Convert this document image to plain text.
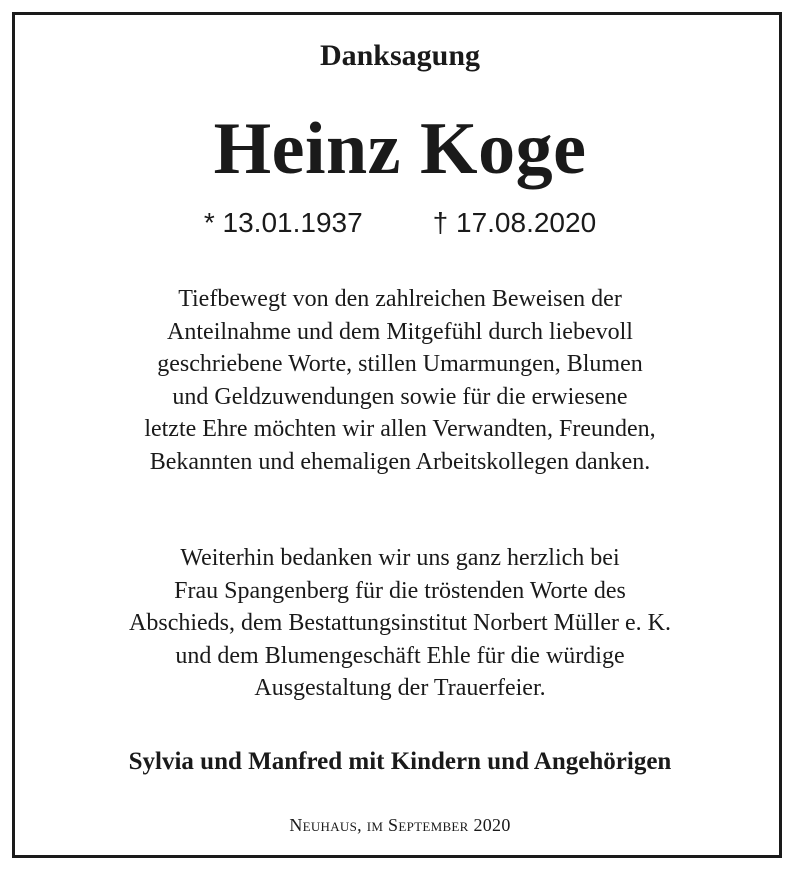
Danksagung
Heinz Koge
* 13.01.1937	† 17.08.2020
Tiefbewegt von den zahlreichen Beweisen der
Anteilnahme und dem Mitgefühl durch liebevoll
geschriebene Worte, stillen Umarmungen, Blumen
und Geldzuwendungen sowie für die erwiesene
letzte Ehre möchten wir allen Verwandten, Freunden,
Bekannten und ehemaligen Arbeitskollegen danken.
Weiterhin bedanken wir uns ganz herzlich bei
Frau Spangenberg für die tröstenden Worte des
Abschieds, dem Bestattungsinstitut Norbert Müller e. K.
und dem Blumengeschäft Ehle für die würdige
Ausgestaltung der Trauerfeier.
Sylvia und Manfred mit Kindern und Angehörigen
Neuhaus, im September 2020
